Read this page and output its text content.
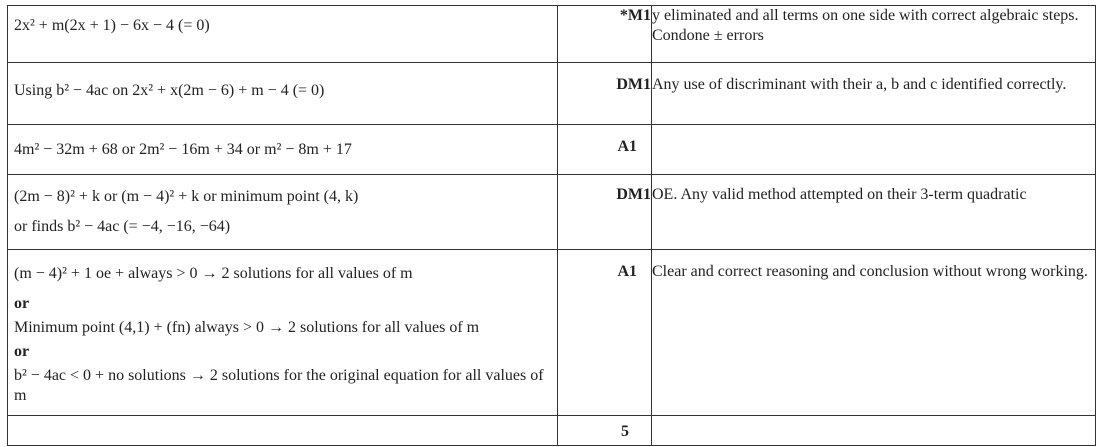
2x² + m(2x + 1) − 6x − 4 (= 0)	*M1	y eliminated and all terms on one side with correct algebraic steps. Condone ± errors

Using b² − 4ac on 2x² + x(2m − 6) + m − 4 (= 0)	DM1	Any use of discriminant with their a, b and c identified correctly.

4m² − 32m + 68 or 2m² − 16m + 34 or m² − 8m + 17	A1	

(2m − 8)² + k or (m − 4)² + k or minimum point (4, k)
or finds b² − 4ac (= −4, −16, −64)	DM1	OE. Any valid method attempted on their 3-term quadratic

(m − 4)² + 1 oe + always > 0 → 2 solutions for all values of m
or
Minimum point (4,1) + (fn) always > 0 → 2 solutions for all values of m
or
b² − 4ac < 0 + no solutions → 2 solutions for the original equation for all values of m	A1	Clear and correct reasoning and conclusion without wrong working.
	5	
